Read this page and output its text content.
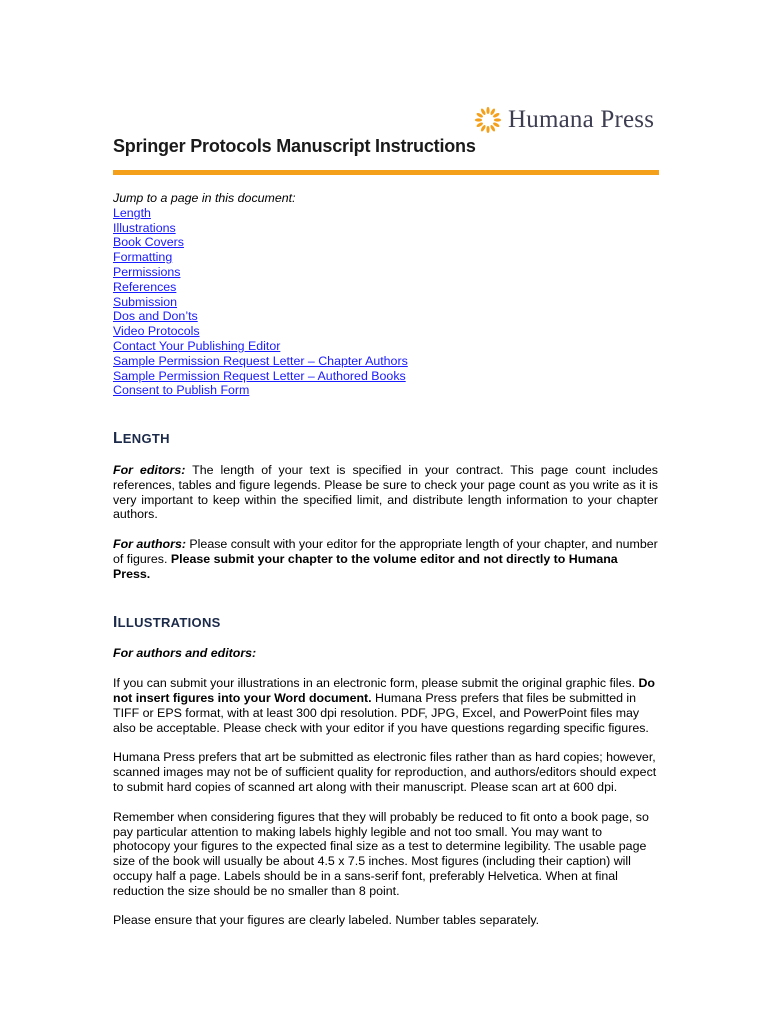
Humana Press
Springer Protocols Manuscript Instructions
Jump to a page in this document:
Length
Illustrations
Book Covers
Formatting
Permissions
References
Submission
Dos and Don’ts
Video Protocols
Contact Your Publishing Editor
Sample Permission Request Letter – Chapter Authors
Sample Permission Request Letter – Authored Books
Consent to Publish Form
LENGTH

For editors: The length of your text is specified in your contract. This page count includes references, tables and figure legends. Please be sure to check your page count as you write as it is very important to keep within the specified limit, and distribute length information to your chapter authors.

For authors: Please consult with your editor for the appropriate length of your chapter, and number of figures. Please submit your chapter to the volume editor and not directly to Humana Press.

ILLUSTRATIONS

For authors and editors:

If you can submit your illustrations in an electronic form, please submit the original graphic files. Do not insert figures into your Word document. Humana Press prefers that files be submitted in TIFF or EPS format, with at least 300 dpi resolution. PDF, JPG, Excel, and PowerPoint files may also be acceptable. Please check with your editor if you have questions regarding specific figures.

Humana Press prefers that art be submitted as electronic files rather than as hard copies; however, scanned images may not be of sufficient quality for reproduction, and authors/editors should expect to submit hard copies of scanned art along with their manuscript. Please scan art at 600 dpi.

Remember when considering figures that they will probably be reduced to fit onto a book page, so pay particular attention to making labels highly legible and not too small. You may want to photocopy your figures to the expected final size as a test to determine legibility. The usable page size of the book will usually be about 4.5 x 7.5 inches. Most figures (including their caption) will occupy half a page. Labels should be in a sans-serif font, preferably Helvetica. When at final reduction the size should be no smaller than 8 point.

Please ensure that your figures are clearly labeled. Number tables separately.
